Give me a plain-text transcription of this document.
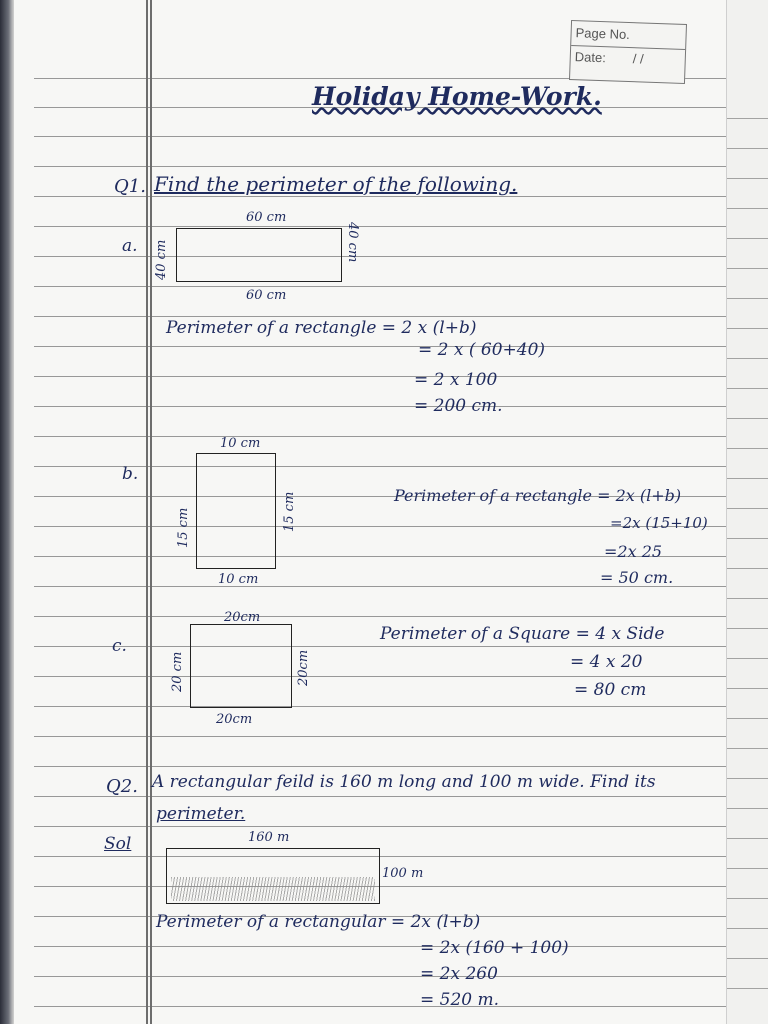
Page No.
Date: / /
Holiday Home-Work.
Q1. Find the perimeter of the following.
a.
60 cm
40 cm	40 cm
60 cm
Perimeter of a rectangle = 2 x (l+b)
= 2 x ( 60+40)
= 2 x 100
= 200 cm.
b.
10 cm
15 cm	15 cm
10 cm
Perimeter of a rectangle = 2x (l+b)
=2x (15+10)
=2x 25
= 50 cm.
c.
20cm
20 cm	20cm
20cm
Perimeter of a Square = 4 x Side
= 4 x 20
= 80 cm
Q2. A rectangular feild is 160 m long and 100 m wide. Find its
perimeter.
Sol	160 m
100 m
Perimeter of a rectangular = 2x (l+b)
= 2x (160 + 100)
= 2x 260
= 520 m.
